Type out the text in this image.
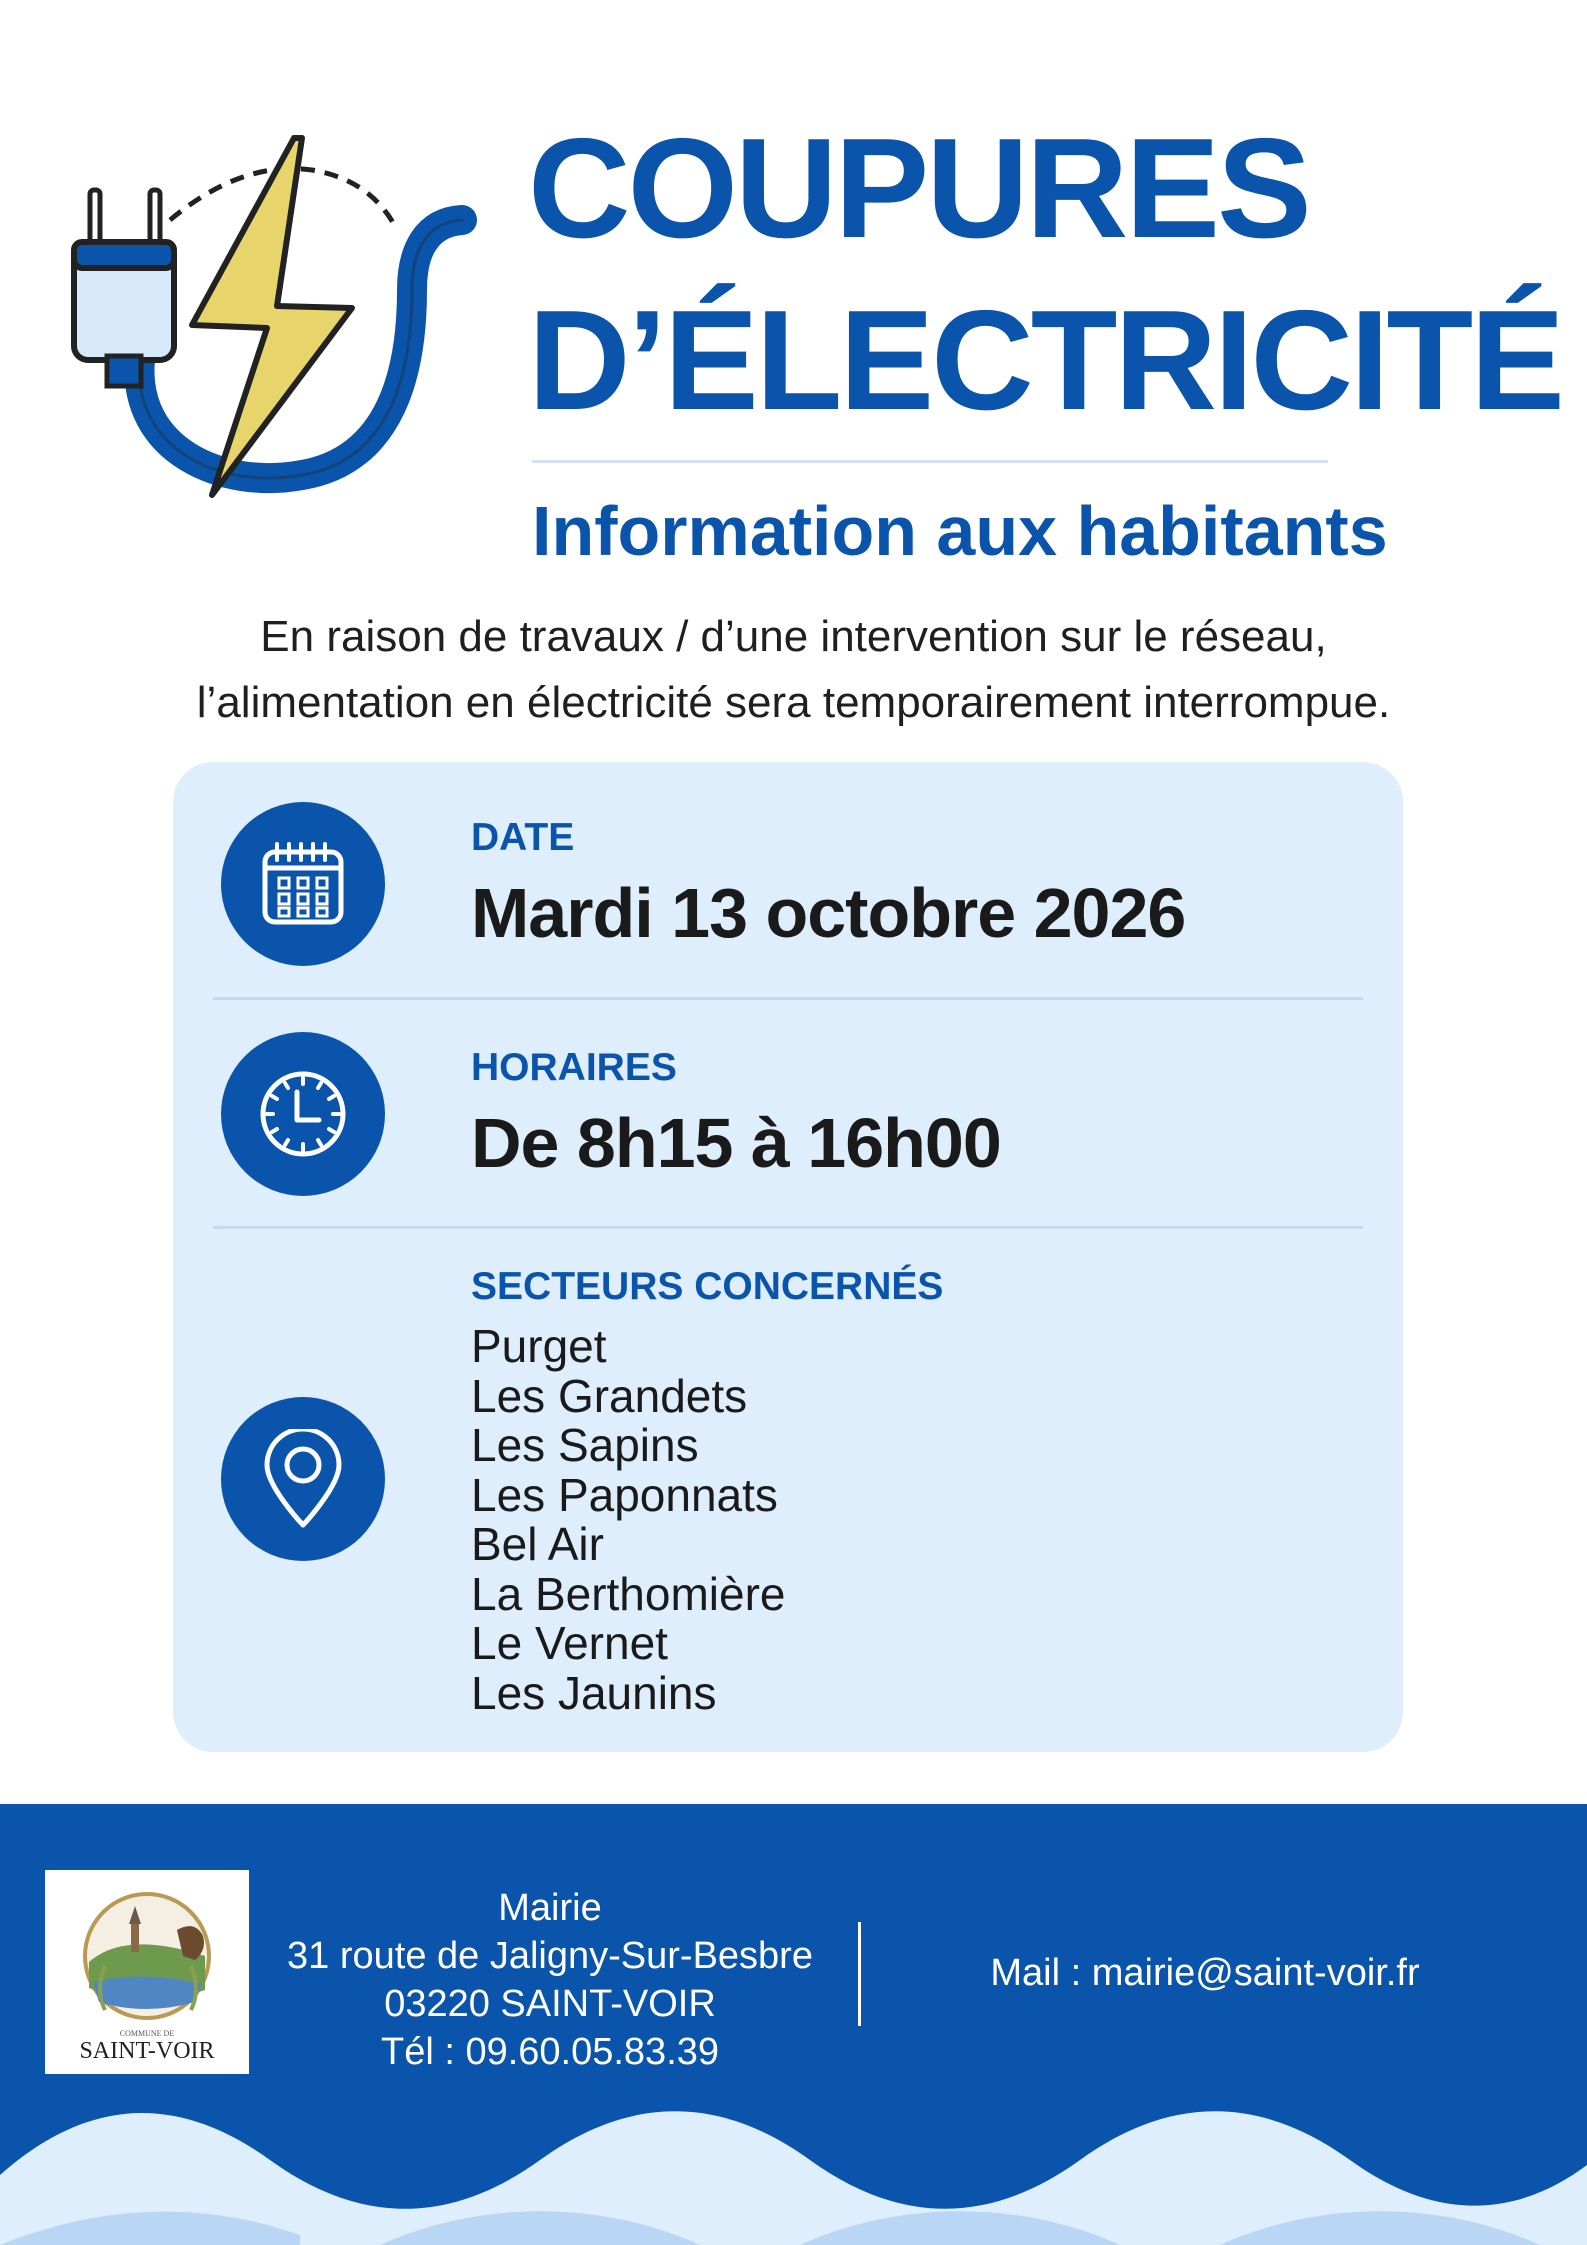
COUPURES
D’ÉLECTRICITÉ
Information aux habitants
En raison de travaux / d’une intervention sur le réseau,
l’alimentation en électricité sera temporairement interrompue.
DATE
Mardi 13 octobre 2026
HORAIRES
De 8h15 à 16h00
SECTEURS CONCERNÉS
Purget
Les Grandets
Les Sapins
Les Paponnats
Bel Air
La Berthomière
Le Vernet
Les Jaunins
COMMUNE DE
SAINT-VOIR
Mairie
31 route de Jaligny-Sur-Besbre
03220 SAINT-VOIR
Tél : 09.60.05.83.39
Mail : mairie@saint-voir.fr
